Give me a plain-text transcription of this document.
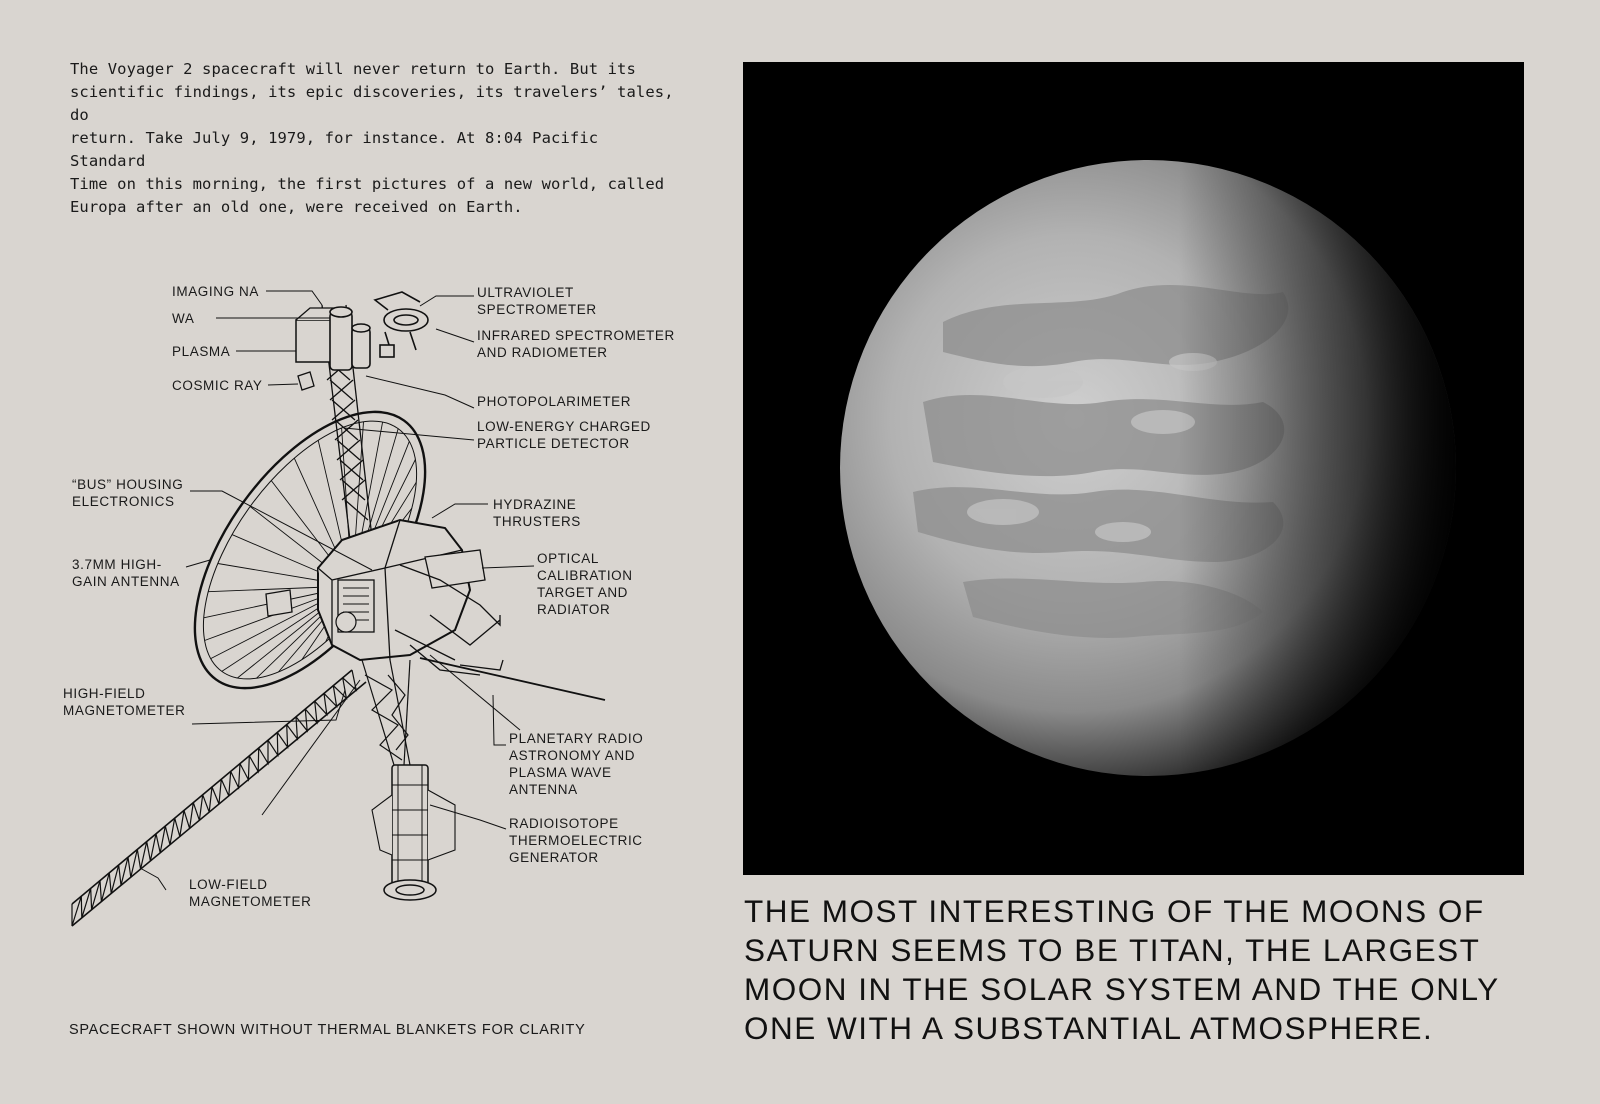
The Voyager 2 spacecraft will never return to Earth. But its
scientific findings, its epic discoveries, its travelers’ tales, do
return. Take July 9, 1979, for instance. At 8:04 Pacific Standard
Time on this morning, the first pictures of a new world, called
Europa after an old one, were received on Earth.

IMAGING NA
WA
PLASMA
COSMIC RAY
“BUS” HOUSING
ELECTRONICS
3.7MM HIGH-
GAIN ANTENNA
HIGH-FIELD
MAGNETOMETER
LOW-FIELD
MAGNETOMETER
ULTRAVIOLET
SPECTROMETER
INFRARED SPECTROMETER
AND RADIOMETER
PHOTOPOLARIMETER
LOW-ENERGY CHARGED
PARTICLE DETECTOR
HYDRAZINE
THRUSTERS
OPTICAL
CALIBRATION
TARGET AND
RADIATOR
PLANETARY RADIO
ASTRONOMY AND
PLASMA WAVE
ANTENNA
RADIOISOTOPE
THERMOELECTRIC
GENERATOR

SPACECRAFT SHOWN WITHOUT THERMAL BLANKETS FOR CLARITY

THE MOST INTERESTING OF THE MOONS OF
SATURN SEEMS TO BE TITAN, THE LARGEST
MOON IN THE SOLAR SYSTEM AND THE ONLY
ONE WITH A SUBSTANTIAL ATMOSPHERE.
